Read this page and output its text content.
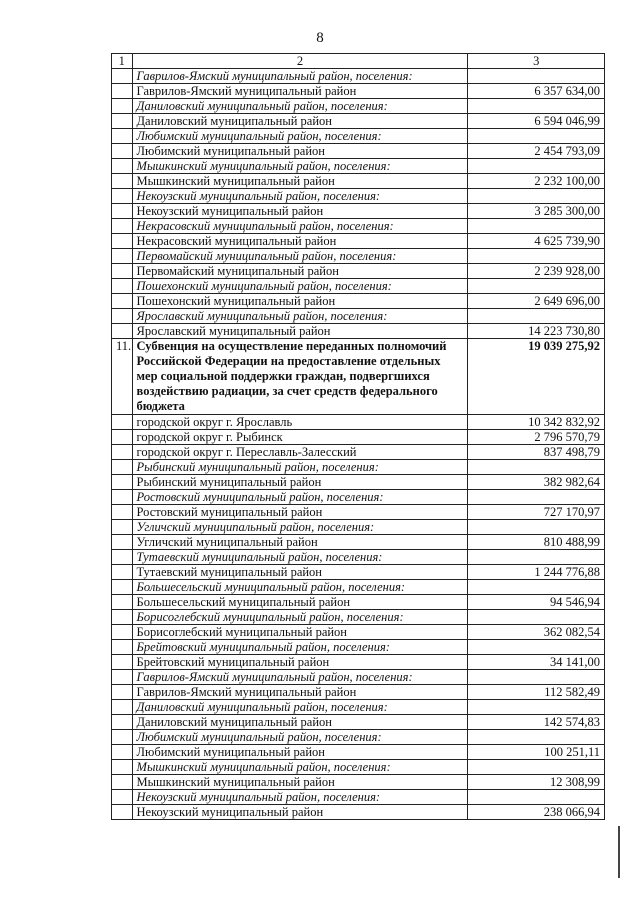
8
1	2	3
	Гаврилов-Ямский муниципальный район, поселения:	
	Гаврилов-Ямский муниципальный район	6 357 634,00
	Даниловский муниципальный район, поселения:	
	Даниловский муниципальный район	6 594 046,99
	Любимский муниципальный район, поселения:	
	Любимский муниципальный район	2 454 793,09
	Мышкинский муниципальный район, поселения:	
	Мышкинский муниципальный район	2 232 100,00
	Некоузский муниципальный район, поселения:	
	Некоузский муниципальный район	3 285 300,00
	Некрасовский муниципальный район, поселения:	
	Некрасовский муниципальный район	4 625 739,90
	Первомайский муниципальный район, поселения:	
	Первомайский муниципальный район	2 239 928,00
	Пошехонский муниципальный район, поселения:	
	Пошехонский муниципальный район	2 649 696,00
	Ярославский муниципальный район, поселения:	
	Ярославский муниципальный район	14 223 730,80
11.	Субвенция на осуществление переданных полномочий Российской Федерации на предоставление отдельных мер социальной поддержки граждан, подвергшихся воздействию радиации, за счет средств федерального бюджета	19 039 275,92
	городской округ г. Ярославль	10 342 832,92
	городской округ г. Рыбинск	2 796 570,79
	городской округ г. Переславль-Залесский	837 498,79
	Рыбинский муниципальный район, поселения:	
	Рыбинский муниципальный район	382 982,64
	Ростовский муниципальный район, поселения:	
	Ростовский муниципальный район	727 170,97
	Угличский муниципальный район, поселения:	
	Угличский муниципальный район	810 488,99
	Тутаевский муниципальный район, поселения:	
	Тутаевский муниципальный район	1 244 776,88
	Большесельский муниципальный район, поселения:	
	Большесельский муниципальный район	94 546,94
	Борисоглебский муниципальный район, поселения:	
	Борисоглебский муниципальный район	362 082,54
	Брейтовский муниципальный район, поселения:	
	Брейтовский муниципальный район	34 141,00
	Гаврилов-Ямский муниципальный район, поселения:	
	Гаврилов-Ямский муниципальный район	112 582,49
	Даниловский муниципальный район, поселения:	
	Даниловский муниципальный район	142 574,83
	Любимский муниципальный район, поселения:	
	Любимский муниципальный район	100 251,11
	Мышкинский муниципальный район, поселения:	
	Мышкинский муниципальный район	12 308,99
	Некоузский муниципальный район, поселения:	
	Некоузский муниципальный район	238 066,94
